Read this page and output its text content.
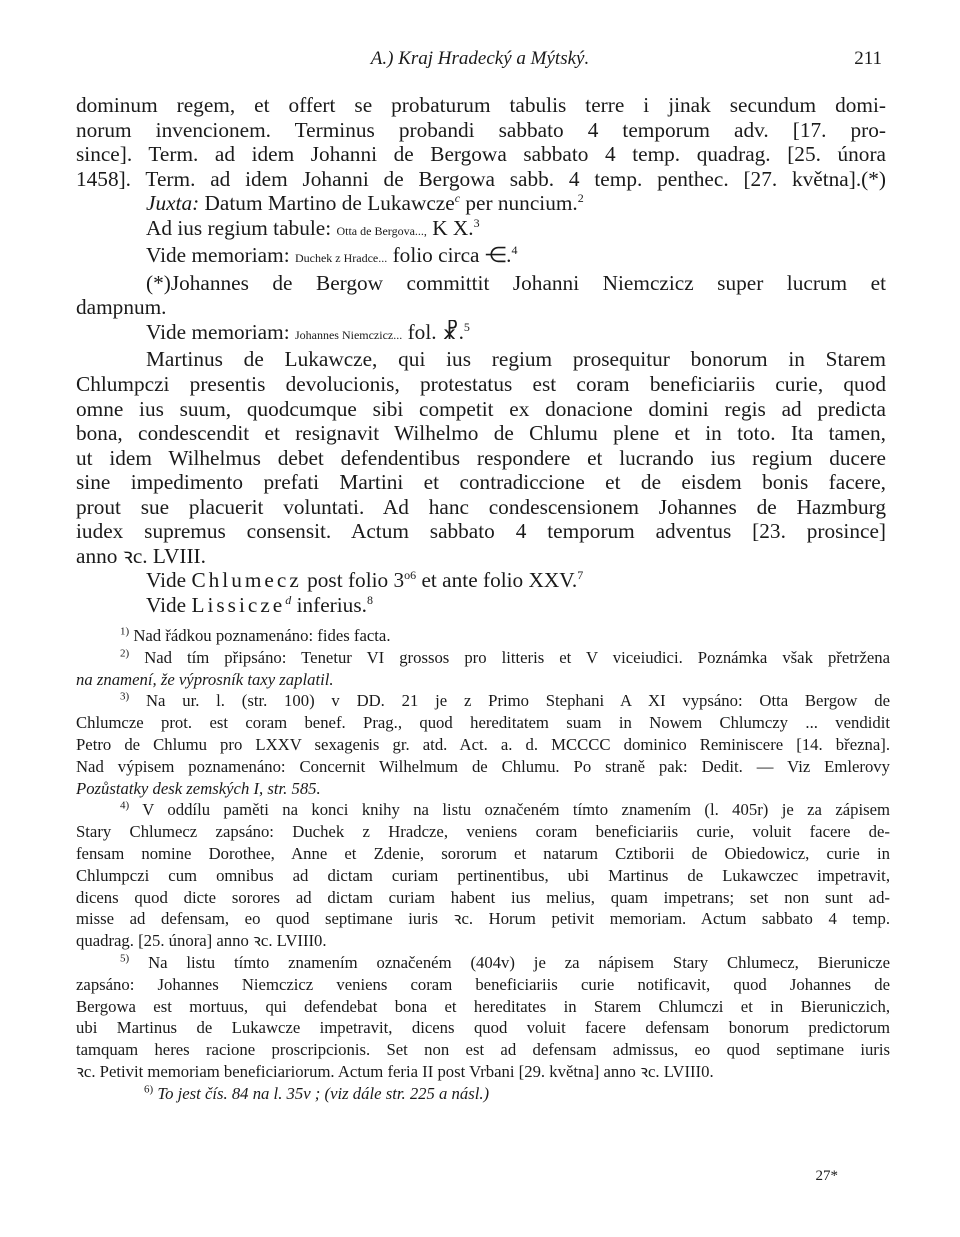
A.) Kraj Hradecký a Mýtský.	211

dominum regem, et offert se probaturum tabulis terre i jinak secundum domi-
norum invencionem. Terminus probandi sabbato 4 temporum adv. [17. pro-
since]. Term. ad idem Johanni de Bergowa sabbato 4 temp. quadrag. [25. února
1458]. Term. ad idem Johanni de Bergowa sabb. 4 temp. penthec. [27. května].(*)

Juxta: Datum Martino de Lukawcze$^c$ per nuncium.$^2$
Ad ius regium tabule: Otta de Bergova..., K X.$^3$
Vide memoriam: Duchek z Hradce... folio circa ⋲.$^4$
(*)Johannes de Bergow committit Johanni Niemczicz super lucrum et
dampnum.
Vide memoriam: Johannes Niemczicz... fol. ☧.$^5$

Martinus de Lukawcze, qui ius regium prosequitur bonorum in Starem
Chlumpczi presentis devolucionis, protestatus est coram beneficiariis curie, quod
omne ius suum, quodcumque sibi competit ex donacione domini regis ad predicta
bona, condescendit et resignavit Wilhelmo de Chlumu plene et in toto. Ita tamen,
ut idem Wilhelmus debet defendentibus respondere et lucrando ius regium ducere
sine impedimento prefati Martini et contradiccione et de eisdem bonis facere,
prout sue placuerit voluntati. Ad hanc condescensionem Johannes de Hazmburg
iudex supremus consensit. Actum sabbato 4 temporum adventus [23. prosince]
anno ꝛc. LVIII.

Vide Chlumecz post folio $3^{o6}$ et ante folio XXV.$^7$
Vide Lissicze$^d$ inferius.$^8$
$^{1)}$ Nad řádkou poznamenáno: fides facta.
$^{2)}$ Nad tím připsáno: Tenetur VI grossos pro litteris et V viceiudici. Poznámka však přetržena
na znamení, že výprosník taxy zaplatil.
$^{3)}$ Na ur. l. (str. 100) v DD. 21 je z Primo Stephani A XI vypsáno: Otta Bergow de
Chlumcze prot. est coram benef. Prag., quod hereditatem suam in Nowem Chlumczy ... vendidit
Petro de Chlumu pro LXXV sexagenis gr. atd. Act. a. d. MCCCC dominico Reminiscere [14. března].
Nad výpisem poznamenáno: Concernit Wilhelmum de Chlumu. Po straně pak: Dedit. — Viz Emlerovy
Pozůstatky desk zemských I, str. 585.
$^{4)}$ V oddílu paměti na konci knihy na listu označeném tímto znamením (l. 405r) je za zápisem
Stary Chlumecz zapsáno: Duchek z Hradcze, veniens coram beneficiariis curie, voluit facere de-
fensam nomine Dorothee, Anne et Zdenie, sororum et natarum Cztiborii de Obiedowicz, curie in
Chlumpczi cum omnibus ad dictam curiam pertinentibus, ubi Martinus de Lukawczec impetravit,
dicens quod dicte sorores ad dictam curiam habent ius melius, quam impetrans; set non sunt ad-
misse ad defensam, eo quod septimane iuris ꝛc. Horum petivit memoriam. Actum sabbato 4 temp.
quadrag. [25. února] anno ꝛc. LVIII0.
$^{5)}$ Na listu tímto znamením označeném (404v) je za nápisem Stary Chlumecz, Bierunicze
zapsáno: Johannes Niemczicz veniens coram beneficiariis curie notificavit, quod Johannes de
Bergowa est mortuus, qui defendebat bona et hereditates in Starem Chlumczi et in Bieruniczich,
ubi Martinus de Lukawcze impetravit, dicens quod voluit facere defensam bonorum predictorum
tamquam heres racione proscripcionis. Set non est ad defensam admissus, eo quod septimane iuris
ꝛc. Petivit memoriam beneficiariorum. Actum feria II post Vrbani [29. května] anno ꝛc. LVIII0.
$^{6)}$ To jest čís. 84 na l. 35v ; (viz dále str. 225 a násl.)
27*
